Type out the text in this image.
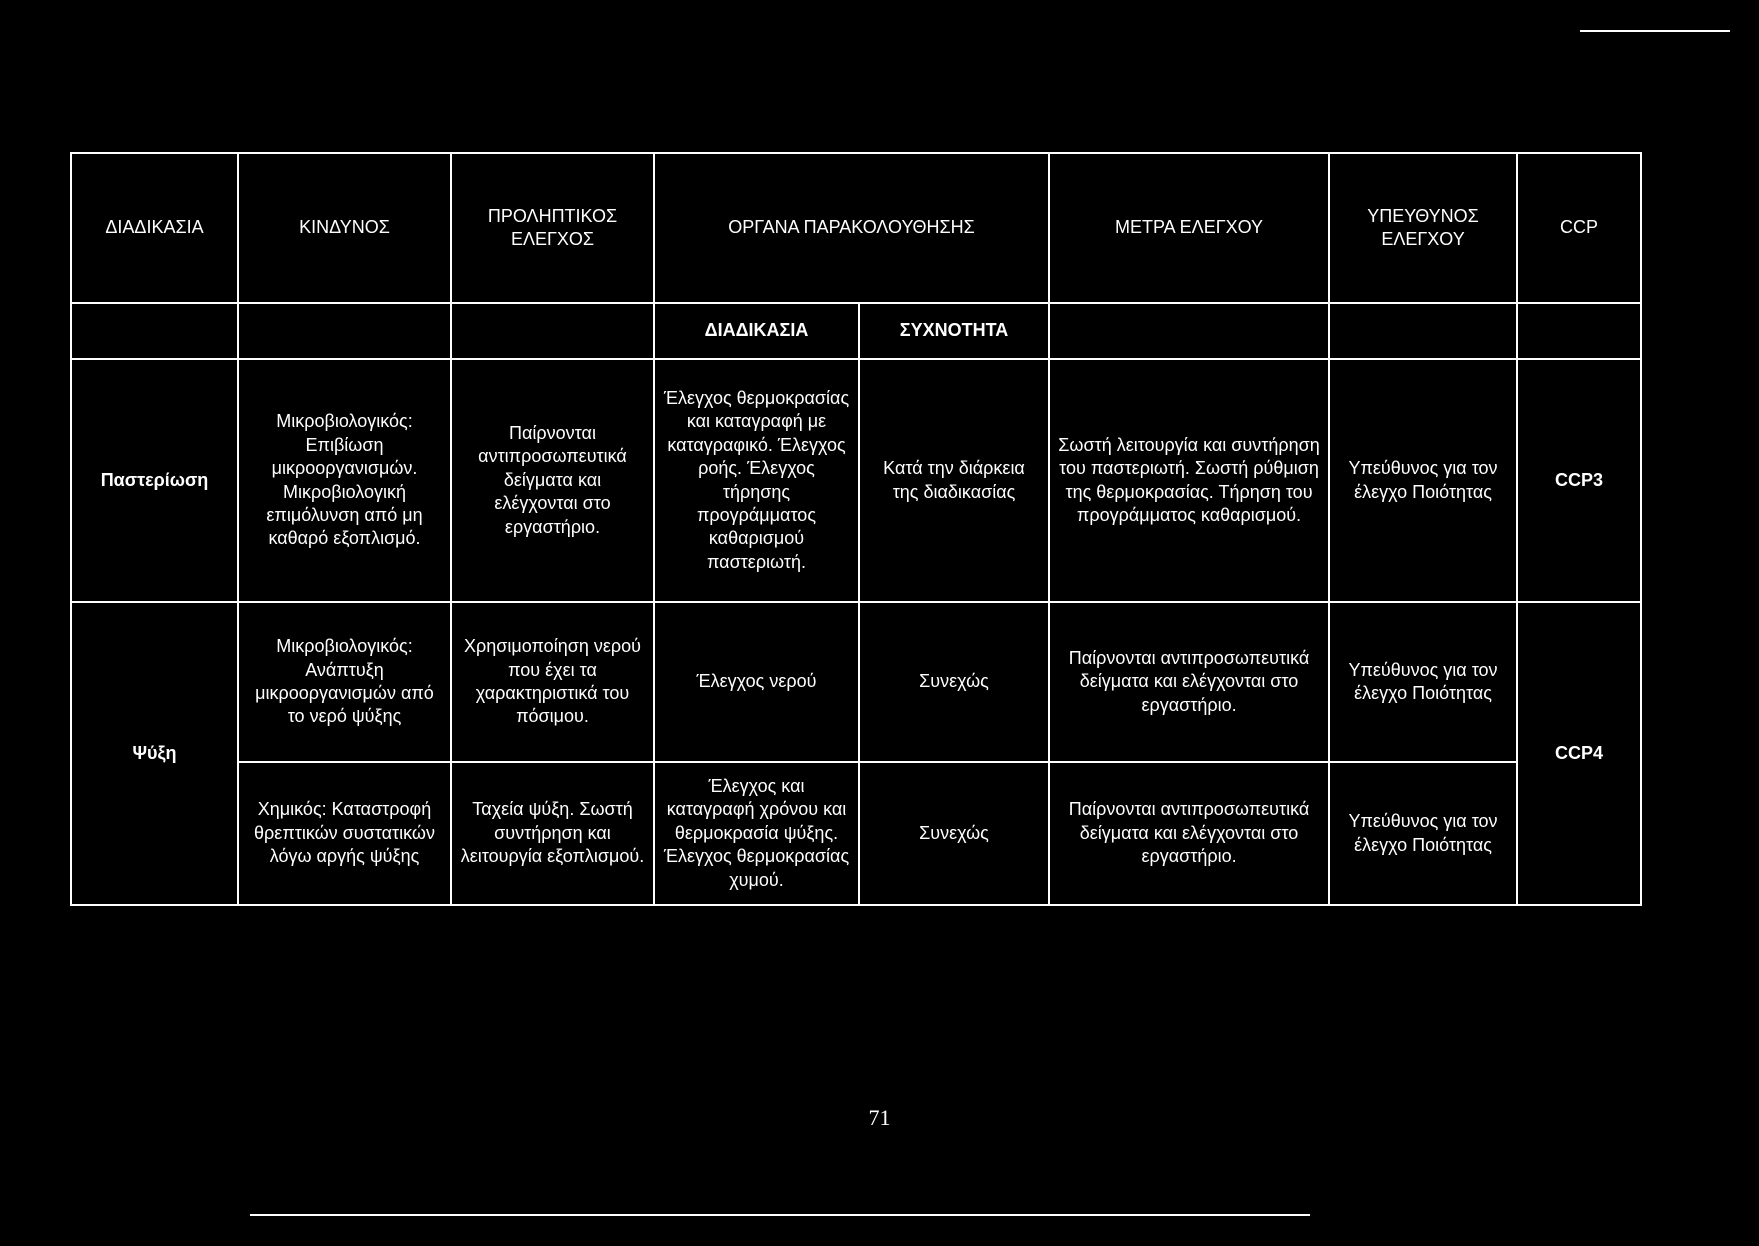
ΔΙΑΔΙΚΑΣΙΑ	ΚΙΝΔΥΝΟΣ	ΠΡΟΛΗΠΤΙΚΟΣ ΕΛΕΓΧΟΣ	ΟΡΓΑΝΑ ΠΑΡΑΚΟΛΟΥΘΗΣΗΣ		ΜΕΤΡΑ ΕΛΕΓΧΟΥ	ΥΠΕΥΘΥΝΟΣ ΕΛΕΓΧΟΥ	CCP
			ΔΙΑΔΙΚΑΣΙΑ	ΣΥΧΝΟΤΗΤΑ			
Παστερίωση	Μικροβιολογικός: Επιβίωση μικροοργανισμών. Μικροβιολογική επιμόλυνση από μη καθαρό εξοπλισμό.	Παίρνονται αντιπροσωπευτικά δείγματα και ελέγχονται στο εργαστήριο.	Έλεγχος θερμοκρασίας και καταγραφή με καταγραφικό. Έλεγχος ροής. Έλεγχος τήρησης προγράμματος καθαρισμού παστεριωτή.	Κατά την διάρκεια της διαδικασίας	Σωστή λειτουργία και συντήρηση του παστεριωτή. Σωστή ρύθμιση της θερμοκρασίας. Τήρηση του προγράμματος καθαρισμού.	Υπεύθυνος για τον έλεγχο Ποιότητας	CCP3
Ψύξη	Μικροβιολογικός: Ανάπτυξη μικροοργανισμών από το νερό ψύξης	Χρησιμοποίηση νερού που έχει τα χαρακτηριστικά του πόσιμου.	Έλεγχος νερού	Συνεχώς	Παίρνονται αντιπροσωπευτικά δείγματα και ελέγχονται στο εργαστήριο.	Υπεύθυνος για τον έλεγχο Ποιότητας	CCP4
	Χημικός: Καταστροφή θρεπτικών συστατικών λόγω αργής ψύξης	Ταχεία ψύξη. Σωστή συντήρηση και λειτουργία εξοπλισμού.	Έλεγχος και καταγραφή χρόνου και θερμοκρασία ψύξης. Έλεγχος θερμοκρασίας χυμού.	Συνεχώς	Παίρνονται αντιπροσωπευτικά δείγματα και ελέγχονται στο εργαστήριο.	Υπεύθυνος για τον έλεγχο Ποιότητας	
71
